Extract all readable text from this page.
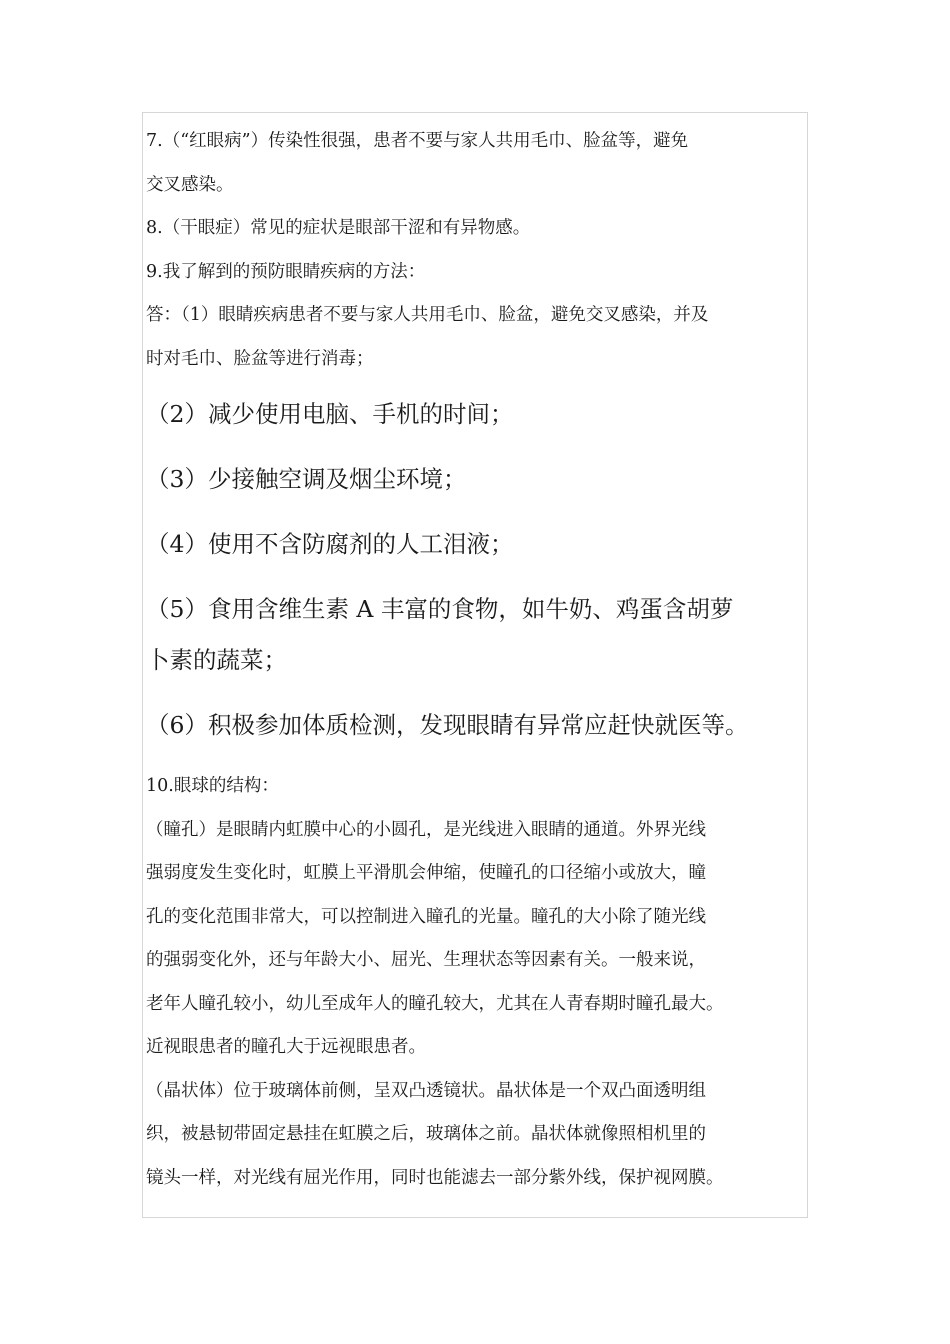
7.（“红眼病”）传染性很强，患者不要与家人共用毛巾、脸盆等，避免

交叉感染。

8.（干眼症）常见的症状是眼部干涩和有异物感。

9.我了解到的预防眼睛疾病的方法：

答：（1）眼睛疾病患者不要与家人共用毛巾、脸盆，避免交叉感染，并及

时对毛巾、脸盆等进行消毒；

（2）减少使用电脑、手机的时间；

（3）少接触空调及烟尘环境；

（4）使用不含防腐剂的人工泪液；

（5）食用含维生素 A 丰富的食物，如牛奶、鸡蛋含胡萝

卜素的蔬菜；

（6）积极参加体质检测，发现眼睛有异常应赶快就医等。

10.眼球的结构：

（瞳孔）是眼睛内虹膜中心的小圆孔，是光线进入眼睛的通道。外界光线

强弱度发生变化时，虹膜上平滑肌会伸缩，使瞳孔的口径缩小或放大，瞳

孔的变化范围非常大，可以控制进入瞳孔的光量。瞳孔的大小除了随光线

的强弱变化外，还与年龄大小、屈光、生理状态等因素有关。一般来说，

老年人瞳孔较小，幼儿至成年人的瞳孔较大，尤其在人青春期时瞳孔最大。

近视眼患者的瞳孔大于远视眼患者。

（晶状体）位于玻璃体前侧，呈双凸透镜状。晶状体是一个双凸面透明组

织，被悬韧带固定悬挂在虹膜之后，玻璃体之前。晶状体就像照相机里的

镜头一样，对光线有屈光作用，同时也能滤去一部分紫外线，保护视网膜。
